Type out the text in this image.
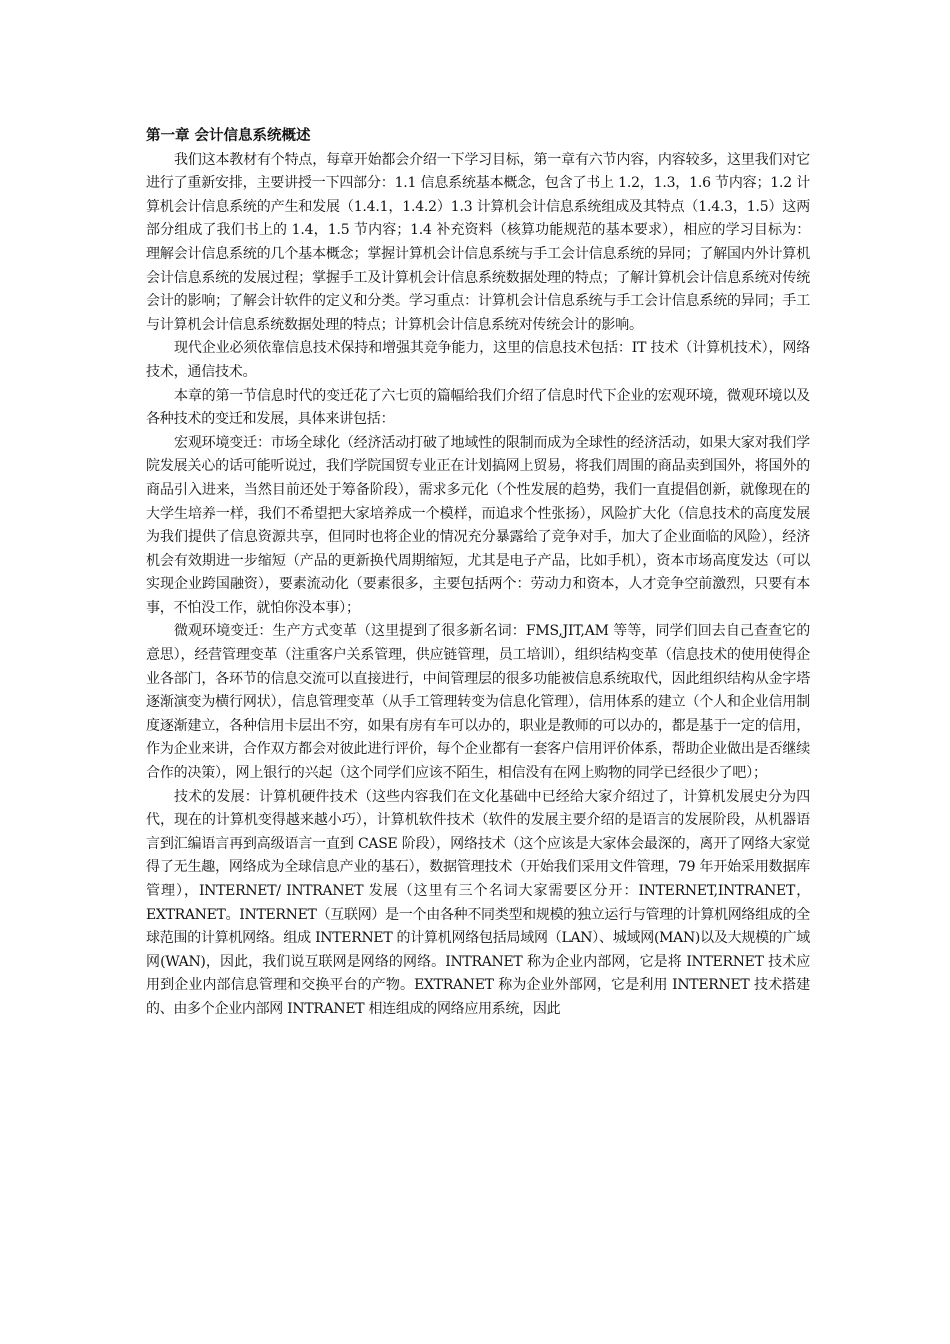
第一章 会计信息系统概述

我们这本教材有个特点，每章开始都会介绍一下学习目标，第一章有六节内容，内容较多，这里我们对它进行了重新安排，主要讲授一下四部分：1.1 信息系统基本概念，包含了书上 1.2，1.3，1.6 节内容；1.2 计算机会计信息系统的产生和发展（1.4.1，1.4.2）1.3 计算机会计信息系统组成及其特点（1.4.3，1.5）这两部分组成了我们书上的 1.4，1.5 节内容；1.4 补充资料（核算功能规范的基本要求），相应的学习目标为：理解会计信息系统的几个基本概念；掌握计算机会计信息系统与手工会计信息系统的异同；了解国内外计算机会计信息系统的发展过程；掌握手工及计算机会计信息系统数据处理的特点；了解计算机会计信息系统对传统会计的影响；了解会计软件的定义和分类。学习重点：计算机会计信息系统与手工会计信息系统的异同；手工与计算机会计信息系统数据处理的特点；计算机会计信息系统对传统会计的影响。

现代企业必须依靠信息技术保持和增强其竞争能力，这里的信息技术包括：IT 技术（计算机技术），网络技术，通信技术。

本章的第一节信息时代的变迁花了六七页的篇幅给我们介绍了信息时代下企业的宏观环境，微观环境以及各种技术的变迁和发展，具体来讲包括：

宏观环境变迁：市场全球化（经济活动打破了地域性的限制而成为全球性的经济活动，如果大家对我们学院发展关心的话可能听说过，我们学院国贸专业正在计划搞网上贸易，将我们周围的商品卖到国外，将国外的商品引入进来，当然目前还处于筹备阶段），需求多元化（个性发展的趋势，我们一直提倡创新，就像现在的大学生培养一样，我们不希望把大家培养成一个模样，而追求个性张扬），风险扩大化（信息技术的高度发展为我们提供了信息资源共享，但同时也将企业的情况充分暴露给了竞争对手，加大了企业面临的风险），经济机会有效期进一步缩短（产品的更新换代周期缩短，尤其是电子产品，比如手机），资本市场高度发达（可以实现企业跨国融资），要素流动化（要素很多，主要包括两个：劳动力和资本，人才竞争空前激烈，只要有本事，不怕没工作，就怕你没本事）；

微观环境变迁：生产方式变革（这里提到了很多新名词：FMS,JIT,AM 等等，同学们回去自己查查它的意思），经营管理变革（注重客户关系管理，供应链管理，员工培训），组织结构变革（信息技术的使用使得企业各部门，各环节的信息交流可以直接进行，中间管理层的很多功能被信息系统取代，因此组织结构从金字塔逐渐演变为横行网状），信息管理变革（从手工管理转变为信息化管理），信用体系的建立（个人和企业信用制度逐渐建立，各种信用卡层出不穷，如果有房有车可以办的，职业是教师的可以办的，都是基于一定的信用，作为企业来讲，合作双方都会对彼此进行评价，每个企业都有一套客户信用评价体系，帮助企业做出是否继续合作的决策），网上银行的兴起（这个同学们应该不陌生，相信没有在网上购物的同学已经很少了吧）；

技术的发展：计算机硬件技术（这些内容我们在文化基础中已经给大家介绍过了，计算机发展史分为四代，现在的计算机变得越来越小巧），计算机软件技术（软件的发展主要介绍的是语言的发展阶段，从机器语言到汇编语言再到高级语言一直到 CASE 阶段），网络技术（这个应该是大家体会最深的，离开了网络大家觉得了无生趣，网络成为全球信息产业的基石），数据管理技术（开始我们采用文件管理，79 年开始采用数据库管理），INTERNET/ INTRANET 发展（这里有三个名词大家需要区分开：INTERNET,INTRANET，EXTRANET。INTERNET（互联网）是一个由各种不同类型和规模的独立运行与管理的计算机网络组成的全球范围的计算机网络。组成 INTERNET 的计算机网络包括局域网（LAN）、城域网(MAN)以及大规模的广域网(WAN)，因此，我们说互联网是网络的网络。INTRANET 称为企业内部网，它是将 INTERNET 技术应用到企业内部信息管理和交换平台的产物。EXTRANET 称为企业外部网，它是利用 INTERNET 技术搭建的、由多个企业内部网 INTRANET 相连组成的网络应用系统，因此
